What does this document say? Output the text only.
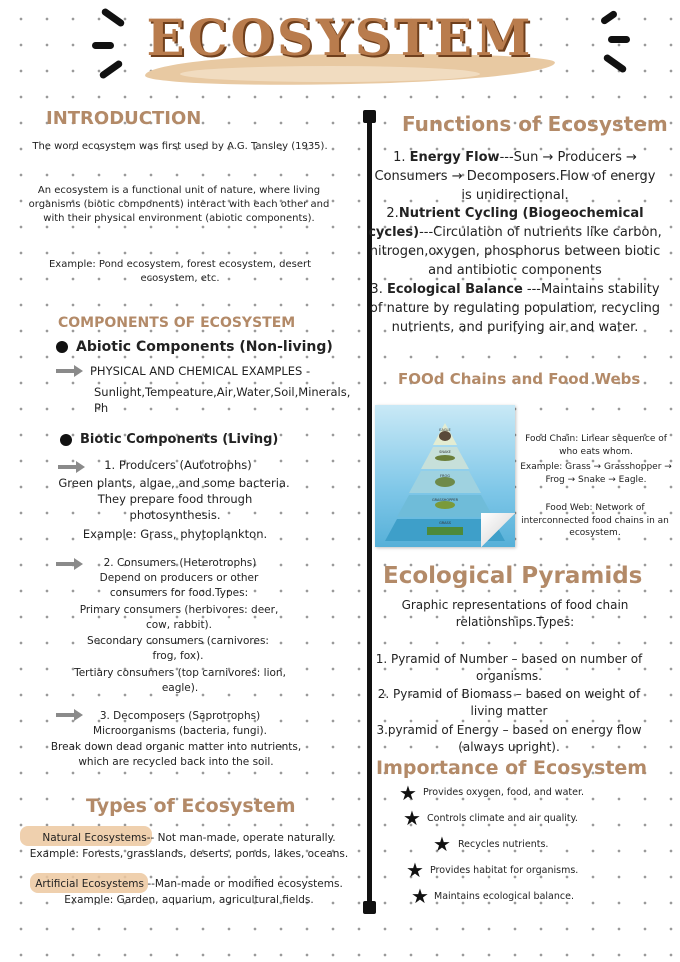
ECOSYSTEM
INTRODUCTION
The word ecosystem was first used by A.G. Tansley (1935).
An ecosystem is a functional unit of nature, where living organisms (biotic components) interact with each other and with their physical environment (abiotic components).
Example: Pond ecosystem, forest ecosystem, desert ecosystem, etc.
COMPONENTS OF ECOSYSTEM
Abiotic Components (Non-living)
PHYSICAL AND CHEMICAL EXAMPLES -
Sunlight,Tempeature,Air,Water,Soil,Minerals, Ph
Biotic Components (Living)
1. Producers (Autotrophs)
Green plants, algae, and some bacteria.
They prepare food through photosynthesis.
Example: Grass, phytoplankton.
2. Consumers (Heterotrophs)
Depend on producers or other consumers for food.Types:
Primary consumers (herbivores: deer, cow, rabbit).
Secondary consumers (carnivores: frog, fox).
Tertiary consumers (top carnivores: lion, eagle).
3. Decomposers (Saprotrophs)
Microorganisms (bacteria, fungi).
Break down dead organic matter into nutrients, which are recycled back into the soil.
Types of Ecosystem
Natural Ecosystems-- Not man-made, operate naturally.
Example: Forests, grasslands, deserts, ponds, lakes, oceans.
Artificial Ecosystems --Man-made or modified ecosystems.
Example: Garden, aquarium, agricultural fields.
Functions of Ecosystem
1. Energy Flow---Sun → Producers → Consumers → Decomposers.Flow of energy is unidirectional.
2.Nutrient Cycling (Biogeochemical cycles)---Circulation of nutrients like carbon, nitrogen,oxygen, phosphorus between biotic and antibiotic components
3. Ecological Balance ---Maintains stability of nature by regulating population, recycling nutrients, and purifying air and water.
FOOd Chains and Food Webs
EAGLE
SNAKE
FROG
GRASSHOPPER
GRASS
Food Chain: Linear sequence of who eats whom.
Example: Grass → Grasshopper → Frog → Snake → Eagle.
Food Web: Network of interconnected food chains in an ecosystem.
Ecological Pyramids
Graphic representations of food chain relationships.Types:
1. Pyramid of Number – based on number of organisms.
2. Pyramid of Biomass – based on weight of living matter
3.pyramid of Energy – based on energy flow (always upright).
Importance of Ecosystem
★ Provides oxygen, food, and water.
★ Controls climate and air quality.
★ Recycles nutrients.
★ Provides habitat for organisms.
★ Maintains ecological balance.
